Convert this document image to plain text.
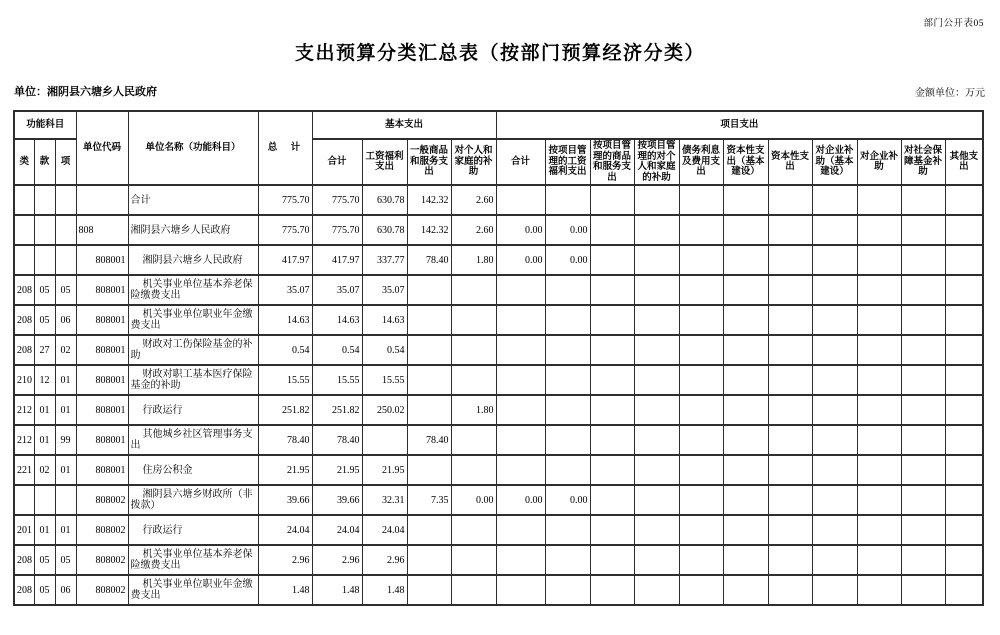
部门公开表05
支出预算分类汇总表（按部门预算经济分类）
单位：湘阴县六塘乡人民政府	金额单位：万元
功能科目			单位代码	单位名称（功能科目）	总　计	基本支出				项目支出										
类	款	项				合计	工资福利支出	一般商品和服务支出	对个人和家庭的补助	合计	按项目管理的工资福利支出	按项目管理的商品和服务支出	按项目管理的对个人和家庭的补助	债务利息及费用支出	资本性支出（基本建设）	资本性支出	对企业补助（基本建设）	对企业补助	对社会保障基金补助	其他支出
				合计	775.70	775.70	630.78	142.32	2.60											
			808	湘阴县六塘乡人民政府	775.70	775.70	630.78	142.32	2.60	0.00	0.00									
			808001	湘阴县六塘乡人民政府	417.97	417.97	337.77	78.40	1.80	0.00	0.00									
208	05	05	808001	机关事业单位基本养老保险缴费支出	35.07	35.07	35.07													
208	05	06	808001	机关事业单位职业年金缴费支出	14.63	14.63	14.63													
208	27	02	808001	财政对工伤保险基金的补助	0.54	0.54	0.54													
210	12	01	808001	财政对职工基本医疗保险基金的补助	15.55	15.55	15.55													
212	01	01	808001	行政运行	251.82	251.82	250.02		1.80											
212	01	99	808001	其他城乡社区管理事务支出	78.40	78.40		78.40												
221	02	01	808001	住房公积金	21.95	21.95	21.95													
			808002	湘阴县六塘乡财政所（非拨款）	39.66	39.66	32.31	7.35	0.00	0.00	0.00									
201	01	01	808002	行政运行	24.04	24.04	24.04													
208	05	05	808002	机关事业单位基本养老保险缴费支出	2.96	2.96	2.96													
208	05	06	808002	机关事业单位职业年金缴费支出	1.48	1.48	1.48													
